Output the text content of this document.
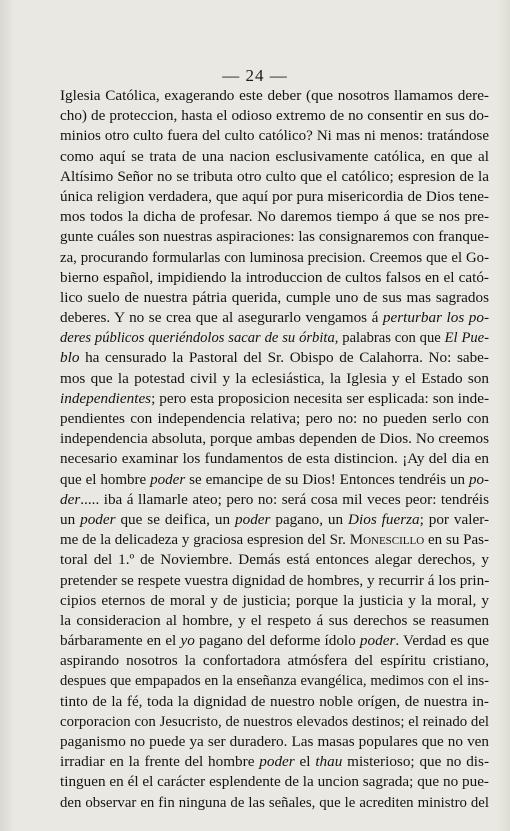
— 24 —
Iglesia Católica, exagerando este deber (que nosotros llamamos dere-
cho) de proteccion, hasta el odioso extremo de no consentir en sus do-
minios otro culto fuera del culto católico? Ni mas ni menos: tratándose
como aquí se trata de una nacion esclusivamente católica, en que al
Altísimo Señor no se tributa otro culto que el católico; espresion de la
única religion verdadera, que aquí por pura misericordia de Dios tene-
mos todos la dicha de profesar. No daremos tiempo á que se nos pre-
gunte cuáles son nuestras aspiraciones: las consignaremos con franque-
za, procurando formularlas con luminosa precision. Creemos que el Go-
bierno español, impidiendo la introduccion de cultos falsos en el cató-
lico suelo de nuestra pátria querida, cumple uno de sus mas sagrados
deberes. Y no se crea que al asegurarlo vengamos á perturbar los po-
deres públicos queriéndolos sacar de su órbita, palabras con que El Pue-
blo ha censurado la Pastoral del Sr. Obispo de Calahorra. No: sabe-
mos que la potestad civil y la eclesiástica, la Iglesia y el Estado son
independientes; pero esta proposicion necesita ser esplicada: son inde-
pendientes con independencia relativa; pero no: no pueden serlo con
independencia absoluta, porque ambas dependen de Dios. No creemos
necesario examinar los fundamentos de esta distincion. ¡Ay del dia en
que el hombre poder se emancipe de su Dios! Entonces tendréis un po-
der..... iba á llamarle ateo; pero no: será cosa mil veces peor: tendréis
un poder que se deifica, un poder pagano, un Dios fuerza; por valer-
me de la delicadeza y graciosa espresion del Sr. Monescillo en su Pas-
toral del 1.º de Noviembre. Demás está entonces alegar derechos, y
pretender se respete vuestra dignidad de hombres, y recurrir á los prin-
cipios eternos de moral y de justicia; porque la justicia y la moral, y
la consideracion al hombre, y el respeto á sus derechos se reasumen
bárbaramente en el yo pagano del deforme ídolo poder. Verdad es que
aspirando nosotros la confortadora atmósfera del espíritu cristiano,
despues que empapados en la enseñanza evangélica, medimos con el ins-
tinto de la fé, toda la dignidad de nuestro noble orígen, de nuestra in-
corporacion con Jesucristo, de nuestros elevados destinos; el reinado del
paganismo no puede ya ser duradero. Las masas populares que no ven
irradiar en la frente del hombre poder el thau misterioso; que no dis-
tinguen en él el carácter esplendente de la uncion sagrada; que no pue-
den observar en fin ninguna de las señales, que le acrediten ministro del
